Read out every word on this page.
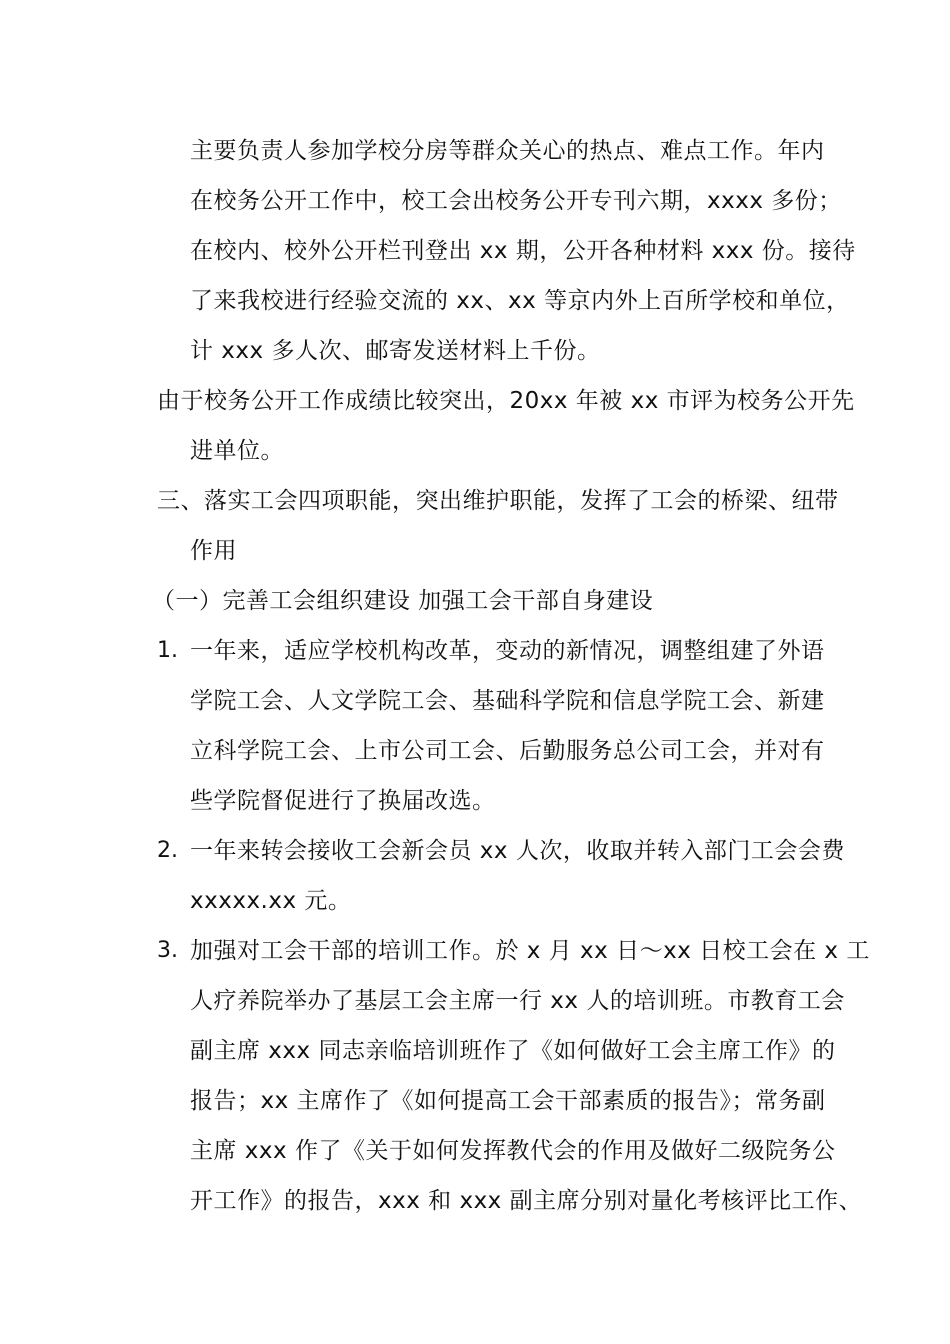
主要负责人参加学校分房等群众关心的热点、难点工作。年内
在校务公开工作中，校工会出校务公开专刊六期，xxxx 多份；
在校内、校外公开栏刊登出 xx 期，公开各种材料 xxx 份。接待
了来我校进行经验交流的 xx、xx 等京内外上百所学校和单位，
计 xxx 多人次、邮寄发送材料上千份。
由于校务公开工作成绩比较突出，20xx 年被 xx 市评为校务公开先
进单位。
三、落实工会四项职能，突出维护职能，发挥了工会的桥梁、纽带
作用
（一）完善工会组织建设 加强工会干部自身建设
1. 一年来，适应学校机构改革，变动的新情况，调整组建了外语
学院工会、人文学院工会、基础科学院和信息学院工会、新建
立科学院工会、上市公司工会、后勤服务总公司工会，并对有
些学院督促进行了换届改选。
2. 一年来转会接收工会新会员 xx 人次，收取并转入部门工会会费
xxxxx.xx 元。
3. 加强对工会干部的培训工作。於 x 月 xx 日～xx 日校工会在 x 工
人疗养院举办了基层工会主席一行 xx 人的培训班。市教育工会
副主席 xxx 同志亲临培训班作了《如何做好工会主席工作》的
报告；xx 主席作了《如何提高工会干部素质的报告》；常务副
主席 xxx 作了《关于如何发挥教代会的作用及做好二级院务公
开工作》的报告，xxx 和 xxx 副主席分别对量化考核评比工作、
